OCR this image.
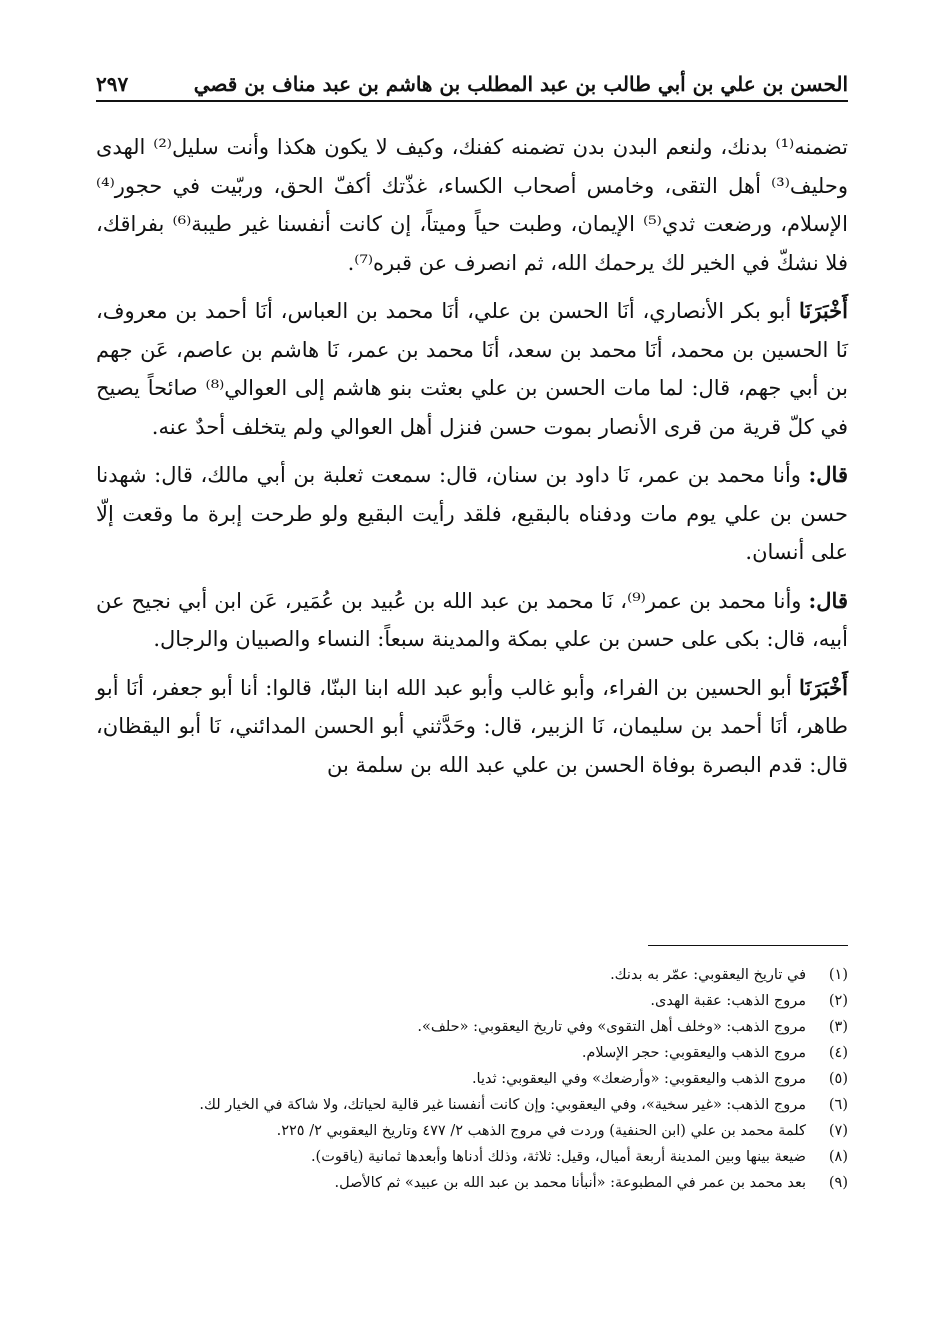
الحسن بن علي بن أبي طالب بن عبد المطلب بن هاشم بن عبد مناف بن قصي
٢٩٧

تضمنه⁽¹⁾ بدنك، ولنعم البدن بدن تضمنه كفنك، وكيف لا يكون هكذا وأنت سليل⁽²⁾ الهدى وحليف⁽³⁾ أهل التقى، وخامس أصحاب الكساء، غذّتك أكفّ الحق، وربّيت في حجور⁽⁴⁾ الإسلام، ورضعت ثدي⁽⁵⁾ الإيمان، وطبت حياً وميتاً، إن كانت أنفسنا غير طيبة⁽⁶⁾ بفراقك، فلا نشكّ في الخير لك يرحمك الله، ثم انصرف عن قبره⁽⁷⁾.

أَخْبَرَنَا أبو بكر الأنصاري، أنَا الحسن بن علي، أنَا محمد بن العباس، أنَا أحمد بن معروف، نَا الحسين بن محمد، أنَا محمد بن سعد، أنَا محمد بن عمر، نَا هاشم بن عاصم، عَن جهم بن أبي جهم، قال: لما مات الحسن بن علي بعثت بنو هاشم إلى العوالي⁽⁸⁾ صائحاً يصيح في كلّ قرية من قرى الأنصار بموت حسن فنزل أهل العوالي ولم يتخلف أحدٌ عنه.

قال: وأنا محمد بن عمر، نَا داود بن سنان، قال: سمعت ثعلبة بن أبي مالك، قال: شهدنا حسن بن علي يوم مات ودفناه بالبقيع، فلقد رأيت البقيع ولو طرحت إبرة ما وقعت إلّا على أنسان.

قال: وأنا محمد بن عمر⁽⁹⁾، نَا محمد بن عبد الله بن عُبيد بن عُمَير، عَن ابن أبي نجيح عن أبيه، قال: بكى على حسن بن علي بمكة والمدينة سبعاً: النساء والصبيان والرجال.

أَخْبَرَنَا أبو الحسين بن الفراء، وأبو غالب وأبو عبد الله ابنا البنّا، قالوا: أنا أبو جعفر، أنَا أبو طاهر، أنَا أحمد بن سليمان، نَا الزبير، قال: وحَدَّثني أبو الحسن المدائني، نَا أبو اليقظان، قال: قدم البصرة بوفاة الحسن بن علي عبد الله بن سلمة بن

(١)
في تاريخ اليعقوبي: عمّر به بدنك.
(٢)
مروج الذهب: عقبة الهدى.
(٣)
مروج الذهب: «وخلف أهل التقوى» وفي تاريخ اليعقوبي: «حلف».
(٤)
مروج الذهب واليعقوبي: حجر الإسلام.
(٥)
مروج الذهب واليعقوبي: «وأرضعك» وفي اليعقوبي: ثديا.
(٦)
مروج الذهب: «غير سخية»، وفي اليعقوبي: وإن كانت أنفسنا غير قالية لحياتك، ولا شاكة في الخيار لك.
(٧)
كلمة محمد بن علي (ابن الحنفية) وردت في مروج الذهب ٢/ ٤٧٧ وتاريخ اليعقوبي ٢/ ٢٢٥.
(٨)
ضيعة بينها وبين المدينة أربعة أميال، وقيل: ثلاثة، وذلك أدناها وأبعدها ثمانية (ياقوت).
(٩)
بعد محمد بن عمر في المطبوعة: «أنبأنا محمد بن عبد الله بن عبيد» ثم كالأصل.
